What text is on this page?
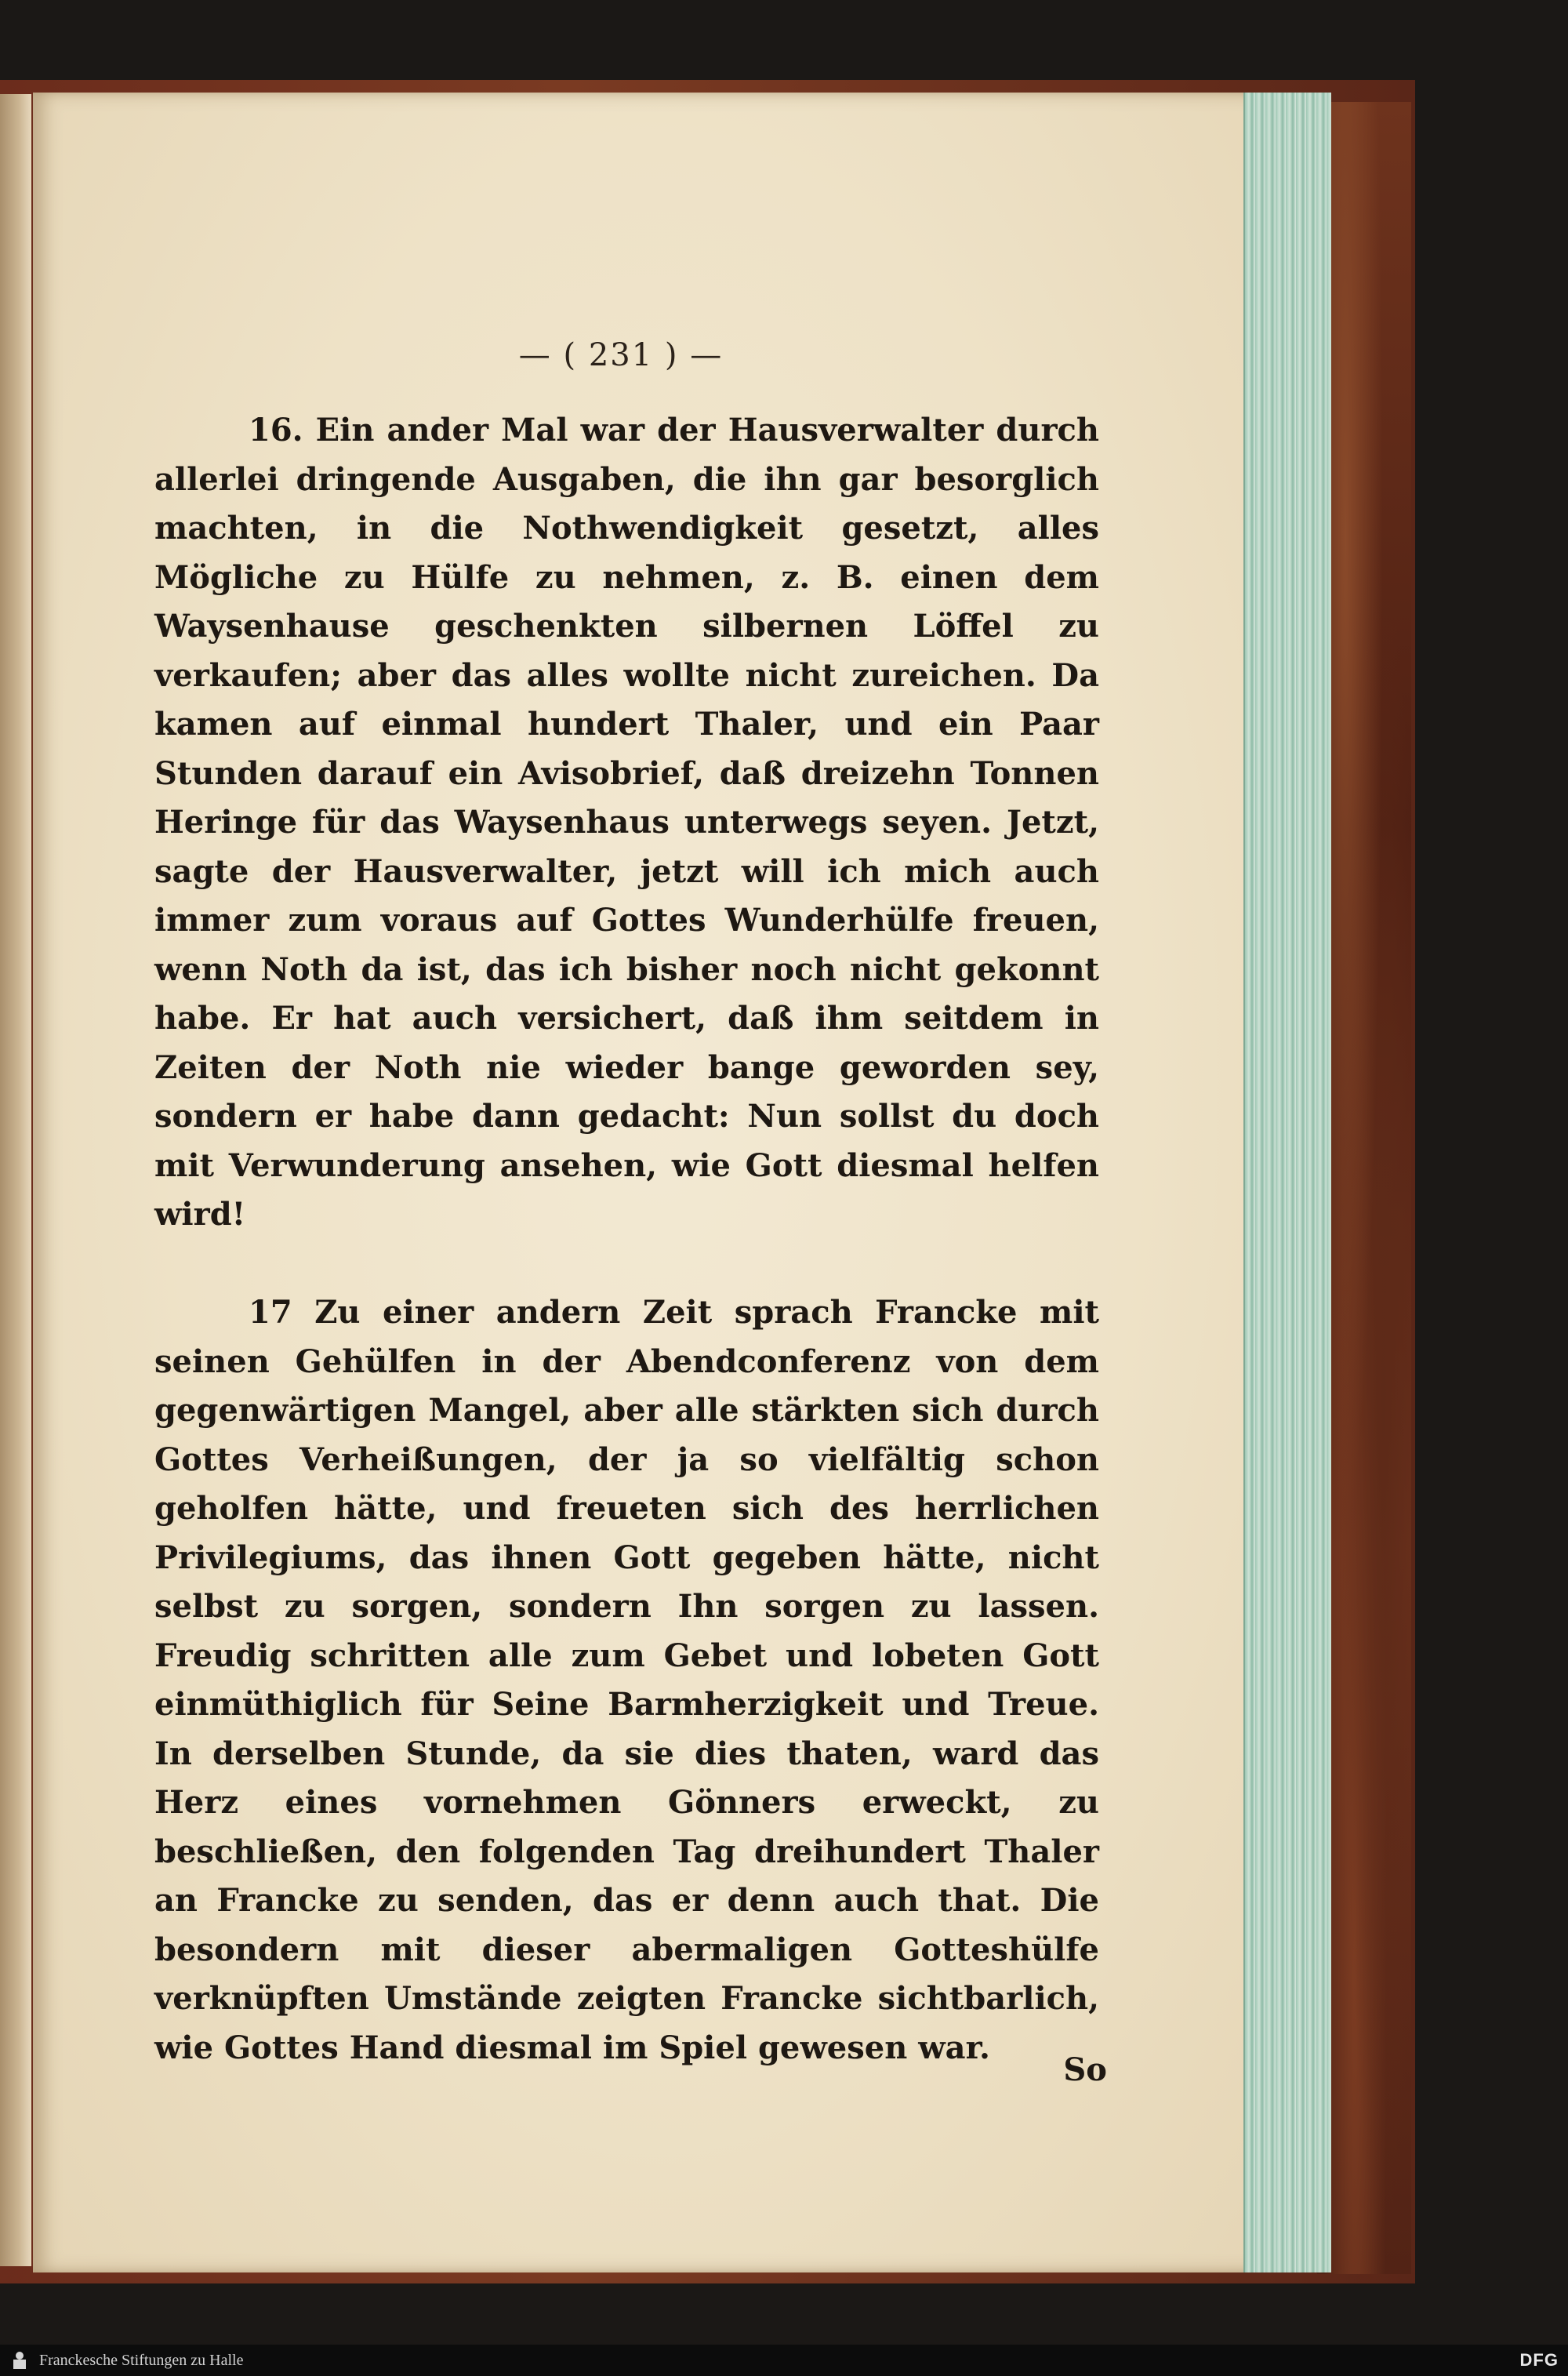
— ( 231 ) —

16. Ein ander Mal war der Hausverwalter durch allerlei dringende Ausgaben, die ihn gar besorglich machten, in die Nothwendigkeit gesetzt, alles Mögliche zu Hülfe zu nehmen, z. B. einen dem Waysenhause geschenkten silbernen Löffel zu verkaufen; aber das alles wollte nicht zureichen. Da kamen auf einmal hundert Thaler, und ein Paar Stunden darauf ein Avisobrief, daß dreizehn Tonnen Heringe für das Waysenhaus unterwegs seyen. Jetzt, sagte der Hausverwalter, jetzt will ich mich auch immer zum voraus auf Gottes Wunderhülfe freuen, wenn Noth da ist, das ich bisher noch nicht gekonnt habe. Er hat auch versichert, daß ihm seitdem in Zeiten der Noth nie wieder bange geworden sey, sondern er habe dann gedacht: Nun sollst du doch mit Verwunderung ansehen, wie Gott diesmal helfen wird!

17 Zu einer andern Zeit sprach Francke mit seinen Gehülfen in der Abendconferenz von dem gegenwärtigen Mangel, aber alle stärkten sich durch Gottes Verheißungen, der ja so vielfältig schon geholfen hätte, und freueten sich des herrlichen Privilegiums, das ihnen Gott gegeben hätte, nicht selbst zu sorgen, sondern Ihn sorgen zu lassen. Freudig schritten alle zum Gebet und lobeten Gott einmüthiglich für Seine Barmherzigkeit und Treue. In derselben Stunde, da sie dies thaten, ward das Herz eines vornehmen Gönners erweckt, zu beschließen, den folgenden Tag dreihundert Thaler an Francke zu senden, das er denn auch that. Die besondern mit dieser abermaligen Gotteshülfe verknüpften Umstände zeigten Francke sichtbarlich, wie Gottes Hand diesmal im Spiel gewesen war.

So
Franckesche Stiftungen zu Halle	DFG
